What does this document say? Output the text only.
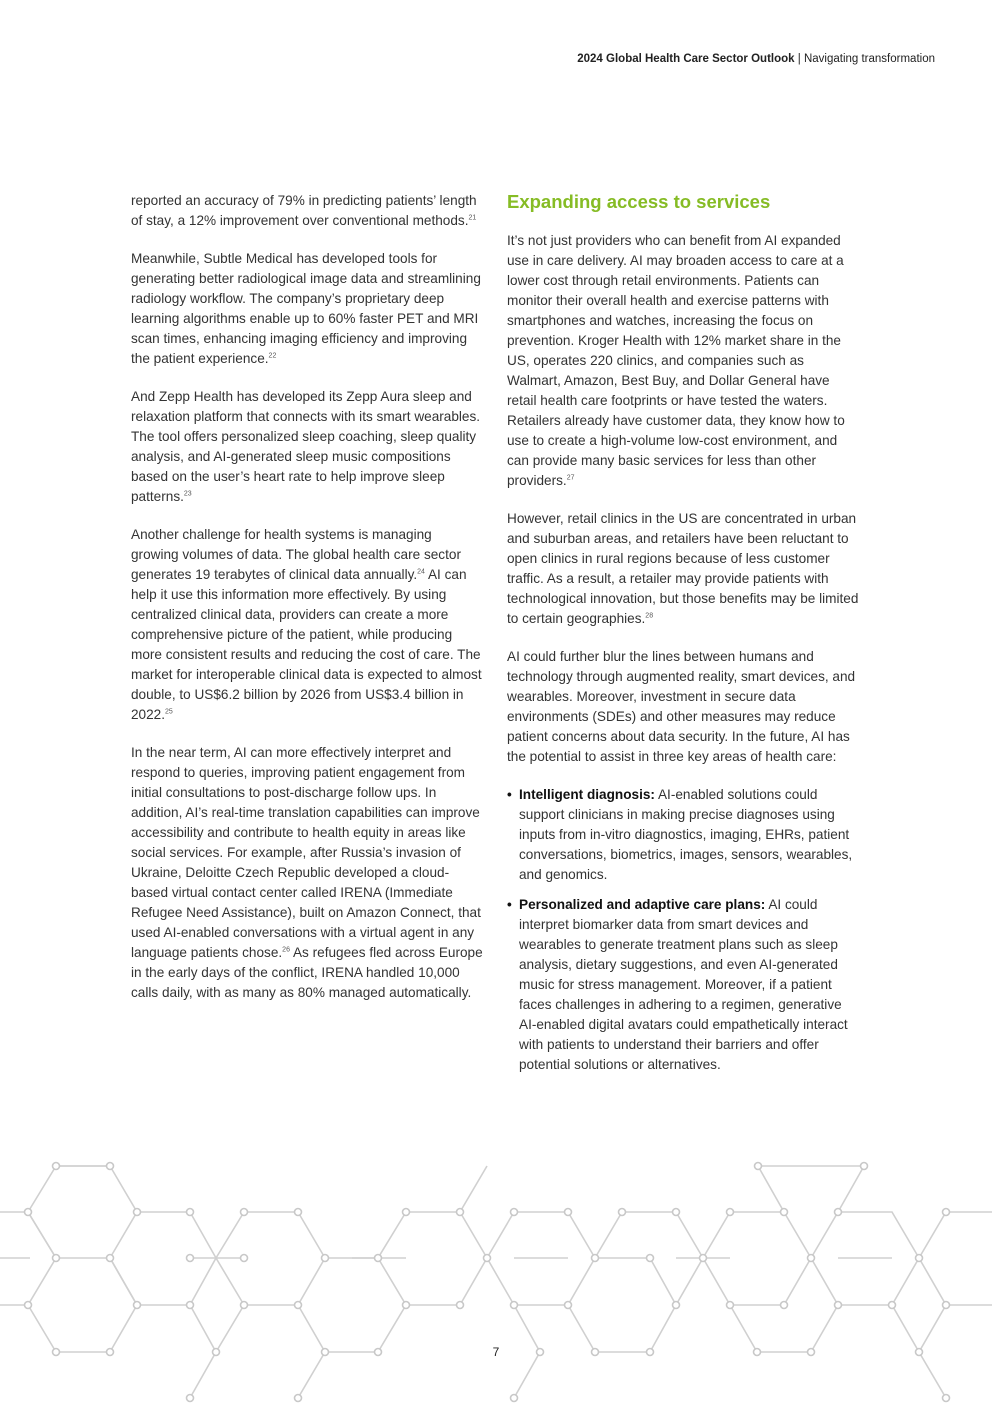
2024 Global Health Care Sector Outlook | Navigating transformation

reported an accuracy of 79% in predicting patients’ length of stay, a 12% improvement over conventional methods.$^{21}$

Meanwhile, Subtle Medical has developed tools for generating better radiological image data and streamlining radiology workflow. The company’s proprietary deep learning algorithms enable up to 60% faster PET and MRI scan times, enhancing imaging efficiency and improving the patient experience.$^{22}$

And Zepp Health has developed its Zepp Aura sleep and relaxation platform that connects with its smart wearables. The tool offers personalized sleep coaching, sleep quality analysis, and AI-generated sleep music compositions based on the user’s heart rate to help improve sleep patterns.$^{23}$

Another challenge for health systems is managing growing volumes of data. The global health care sector generates 19 terabytes of clinical data annually.$^{24}$ AI can help it use this information more effectively. By using centralized clinical data, providers can create a more comprehensive picture of the patient, while producing more consistent results and reducing the cost of care. The market for interoperable clinical data is expected to almost double, to US$6.2 billion by 2026 from US$3.4 billion in 2022.25

In the near term, AI can more effectively interpret and respond to queries, improving patient engagement from initial consultations to post-discharge follow ups. In addition, AI’s real-time translation capabilities can improve accessibility and contribute to health equity in areas like social services. For example, after Russia’s invasion of Ukraine, Deloitte Czech Republic developed a cloud-based virtual contact center called IRENA (Immediate Refugee Need Assistance), built on Amazon Connect, that used AI-enabled conversations with a virtual agent in any language patients chose.$^{26}$ As refugees fled across Europe in the early days of the conflict, IRENA handled 10,000 calls daily, with as many as 80% managed automatically.

Expanding access to services

It’s not just providers who can benefit from AI expanded use in care delivery. AI may broaden access to care at a lower cost through retail environments. Patients can monitor their overall health and exercise patterns with smartphones and watches, increasing the focus on prevention. Kroger Health with 12% market share in the US, operates 220 clinics, and companies such as Walmart, Amazon, Best Buy, and Dollar General have retail health care footprints or have tested the waters. Retailers already have customer data, they know how to use to create a high-volume low-cost environment, and can provide many basic services for less than other providers.$^{27}$

However, retail clinics in the US are concentrated in urban and suburban areas, and retailers have been reluctant to open clinics in rural regions because of less customer traffic. As a result, a retailer may provide patients with technological innovation, but those benefits may be limited to certain geographies.$^{28}$

AI could further blur the lines between humans and technology through augmented reality, smart devices, and wearables. Moreover, investment in secure data environments (SDEs) and other measures may reduce patient concerns about data security. In the future, AI has the potential to assist in three key areas of health care:

• Intelligent diagnosis: AI-enabled solutions could support clinicians in making precise diagnoses using inputs from in-vitro diagnostics, imaging, EHRs, patient conversations, biometrics, images, sensors, wearables, and genomics.
• Personalized and adaptive care plans: AI could interpret biomarker data from smart devices and wearables to generate treatment plans such as sleep analysis, dietary suggestions, and even AI-generated music for stress management. Moreover, if a patient faces challenges in adhering to a regimen, generative AI-enabled digital avatars could empathetically interact with patients to understand their barriers and offer potential solutions or alternatives.
7
